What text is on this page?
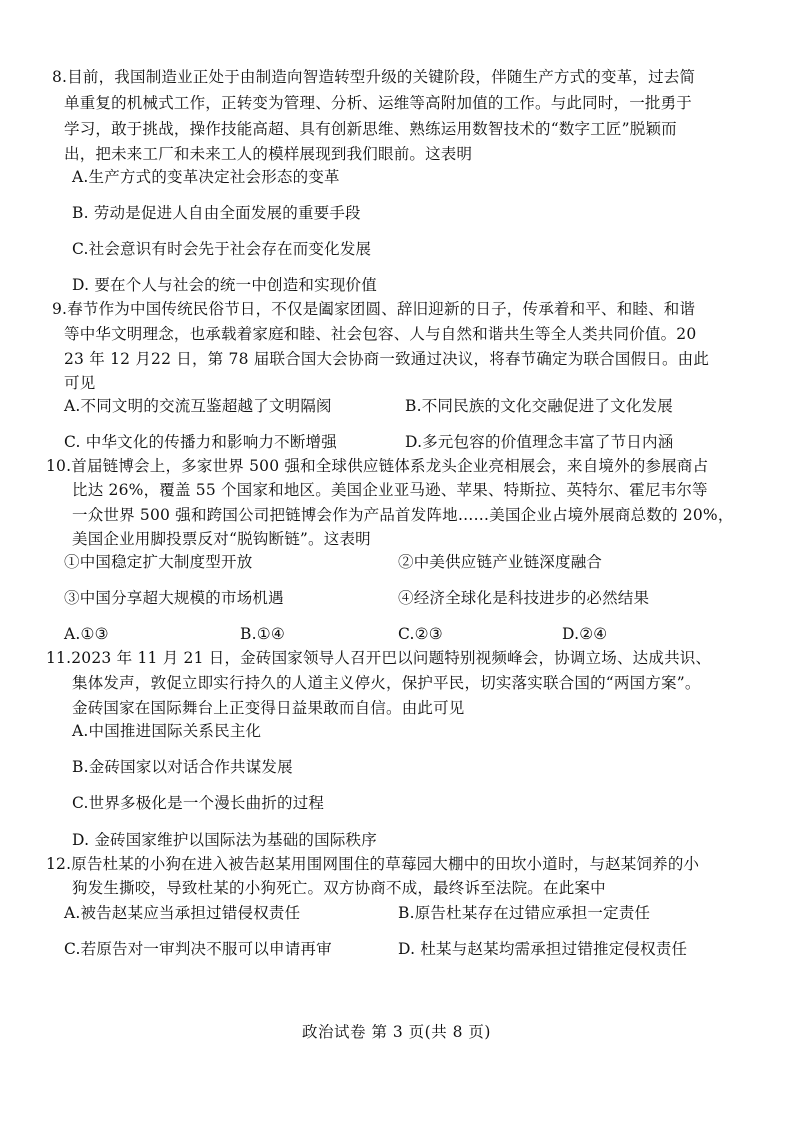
8.目前，我国制造业正处于由制造向智造转型升级的关键阶段，伴随生产方式的变革，过去简
单重复的机械式工作，正转变为管理、分析、运维等高附加值的工作。与此同时，一批勇于
学习，敢于挑战，操作技能高超、具有创新思维、熟练运用数智技术的“数字工匠”脱颖而
出，把未来工厂和未来工人的模样展现到我们眼前。这表明
A.生产方式的变革决定社会形态的变革
B. 劳动是促进人自由全面发展的重要手段
C.社会意识有时会先于社会存在而变化发展
D. 要在个人与社会的统一中创造和实现价值
9.春节作为中国传统民俗节日，不仅是阖家团圆、辞旧迎新的日子，传承着和平、和睦、和谐
等中华文明理念，也承载着家庭和睦、社会包容、人与自然和谐共生等全人类共同价值。20
23 年 12 月22 日，第 78 届联合国大会协商一致通过决议，将春节确定为联合国假日。由此
可见
A.不同文明的交流互鉴超越了文明隔阂	B.不同民族的文化交融促进了文化发展
C. 中华文化的传播力和影响力不断增强	D.多元包容的价值理念丰富了节日内涵
10.首届链博会上，多家世界 500 强和全球供应链体系龙头企业亮相展会，来自境外的参展商占
比达 26%，覆盖 55 个国家和地区。美国企业亚马逊、苹果、特斯拉、英特尔、霍尼韦尔等
一众世界 500 强和跨国公司把链博会作为产品首发阵地……美国企业占境外展商总数的 20%，
美国企业用脚投票反对“脱钩断链”。这表明
①中国稳定扩大制度型开放	②中美供应链产业链深度融合
③中国分享超大规模的市场机遇	④经济全球化是科技进步的必然结果
A.①③	B.①④	C.②③	D.②④
11.2023 年 11 月 21 日，金砖国家领导人召开巴以问题特别视频峰会，协调立场、达成共识、
集体发声，敦促立即实行持久的人道主义停火，保护平民，切实落实联合国的“两国方案”。
金砖国家在国际舞台上正变得日益果敢而自信。由此可见
A.中国推进国际关系民主化
B.金砖国家以对话合作共谋发展
C.世界多极化是一个漫长曲折的过程
D. 金砖国家维护以国际法为基础的国际秩序
12.原告杜某的小狗在进入被告赵某用围网围住的草莓园大棚中的田坎小道时，与赵某饲养的小
狗发生撕咬，导致杜某的小狗死亡。双方协商不成，最终诉至法院。在此案中
A.被告赵某应当承担过错侵权责任	B.原告杜某存在过错应承担一定责任
C.若原告对一审判决不服可以申请再审	D. 杜某与赵某均需承担过错推定侵权责任
政治试卷 第 3 页(共 8 页)
